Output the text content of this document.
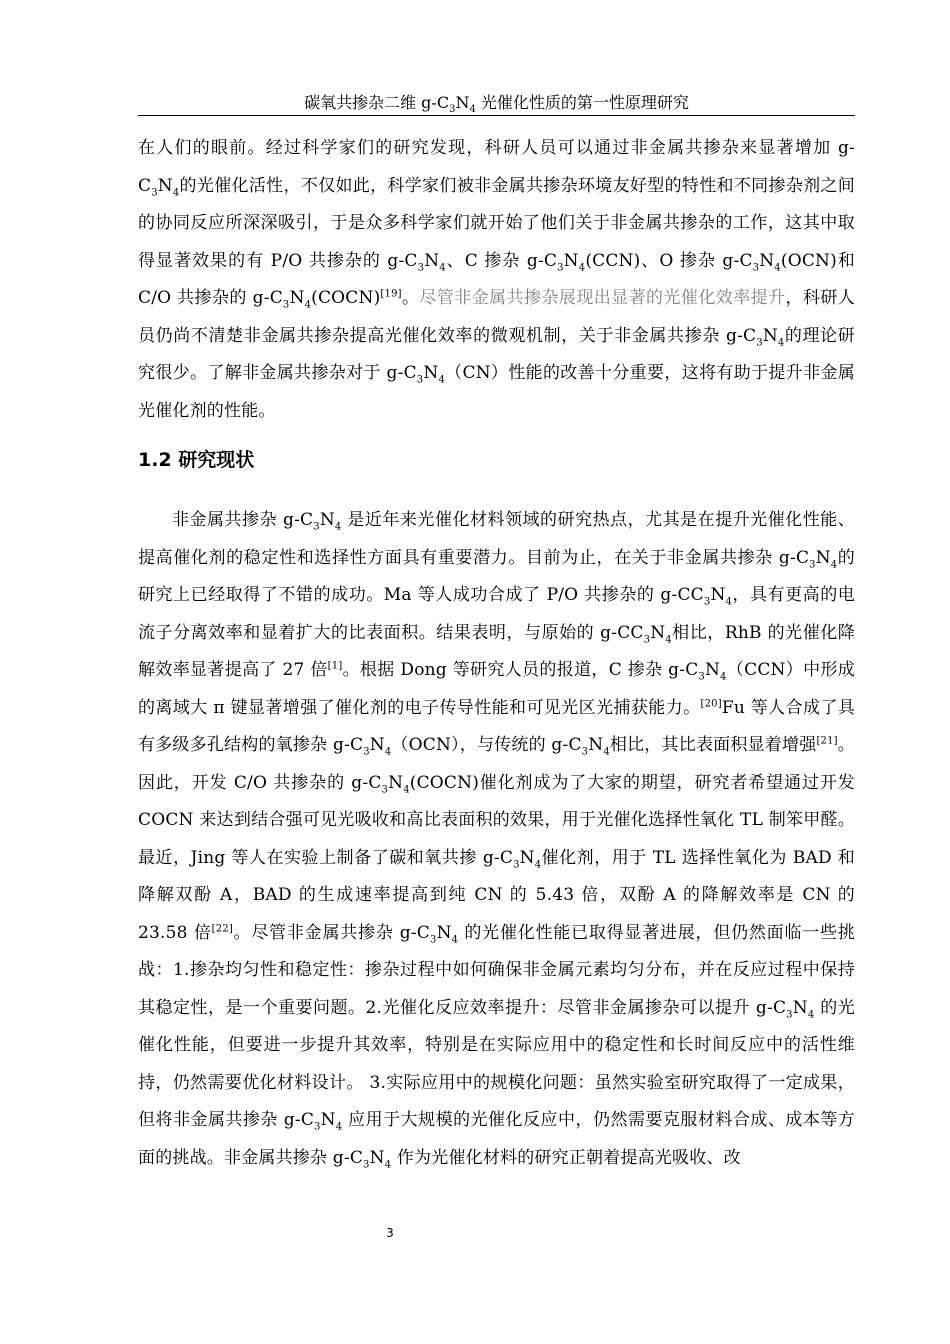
碳氧共掺杂二维 $g-C_3N_4$ 光催化性质的第一性原理研究
在人们的眼前。经过科学家们的研究发现，科研人员可以通过非金属共掺杂来显著增加 $g-C_3N_4$的光催化活性，不仅如此，科学家们被非金属共掺杂环境友好型的特性和不同掺杂剂之间的协同反应所深深吸引，于是众多科学家们就开始了他们关于非金属共掺杂的工作，这其中取得显著效果的有 P/O 共掺杂的 $g-C_3N_4$、C 掺杂 $g-C_3N_4(CCN)$、O 掺杂 $g-C_3N_4(OCN)$和 C/O 共掺杂的 $g-C_3N_4(COCN)[19]$。尽管非金属共掺杂展现出显著的光催化效率提升，科研人员仍尚不清楚非金属共掺杂提高光催化效率的微观机制，关于非金属共掺杂 $g-C_3N_4$的理论研究很少。了解非金属共掺杂对于 $g-C_3N_4(CN)$性能的改善十分重要，这将有助于提升非金属光催化剂的性能。
1.2 研究现状
非金属共掺杂 $g-C_3N_4$ 是近年来光催化材料领域的研究热点，尤其是在提升光催化性能、提高催化剂的稳定性和选择性方面具有重要潜力。目前为止，在关于非金属共掺杂 $g-C_3N_4$的研究上已经取得了不错的成功。Ma 等人成功合成了 P/O 共掺杂的 $g-CC_3N_4$，具有更高的电流子分离效率和显着扩大的比表面积。结果表明，与原始的 $g-CC_3N_4$相比，RhB 的光催化降解效率显著提高了 27 倍[1]。根据 Dong 等研究人员的报道，C 掺杂 $g-C_3N_4(CCN)$中形成的离域大 π 键显著增强了催化剂的电子传导性能和可见光区光捕获能力。[20]Fu 等人合成了具有多级多孔结构的氧掺杂 $g-C_3N_4(OCN)$，与传统的 $g-C_3N_4$相比，其比表面积显着增强[21]。因此，开发 C/O 共掺杂的 $g-C_3N_4(COCN)$催化剂成为了大家的期望，研究者希望通过开发 COCN 来达到结合强可见光吸收和高比表面积的效果，用于光催化选择性氧化 TL 制笨甲醛。最近，Jing 等人在实验上制备了碳和氧共掺 $g-C_3N_4$催化剂，用于 TL 选择性氧化为 BAD 和降解双酚 A，BAD 的生成速率提高到纯 CN 的 5.43 倍，双酚 A 的降解效率是 CN 的 23.58 倍[22]。尽管非金属共掺杂 $g-C_3N_4$ 的光催化性能已取得显著进展，但仍然面临一些挑战：1.掺杂均匀性和稳定性：掺杂过程中如何确保非金属元素均匀分布，并在反应过程中保持其稳定性，是一个重要问题。2.光催化反应效率提升：尽管非金属掺杂可以提升 $g-C_3N_4$ 的光催化性能，但要进一步提升其效率，特别是在实际应用中的稳定性和长时间反应中的活性维持，仍然需要优化材料设计。 3.实际应用中的规模化问题：虽然实验室研究取得了一定成果，但将非金属共掺杂 $g-C_3N_4$ 应用于大规模的光催化反应中，仍然需要克服材料合成、成本等方面的挑战。非金属共掺杂 $g-C_3N_4$ 作为光催化材料的研究正朝着提高光吸收、改
3
